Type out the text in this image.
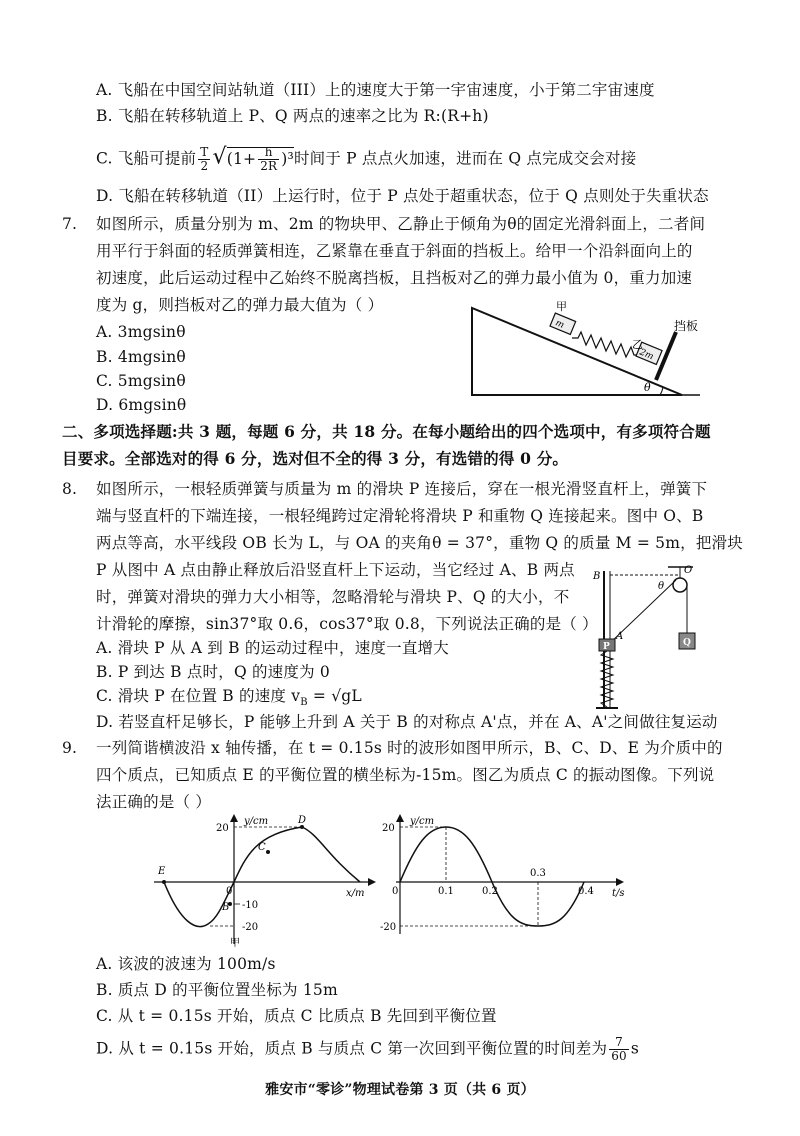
A. 飞船在中国空间站轨道（III）上的速度大于第一宇宙速度，小于第二宇宙速度
B. 飞船在转移轨道上 P、Q 两点的速率之比为 R:(R+h)
C. 飞船可提前 $\frac{T}{2} √(1+ \frac{h}{2R} )^3$时间于 P 点点火加速，进而在 Q 点完成交会对接
D. 飞船在转移轨道（II）上运行时，位于 P 点处于超重状态，位于 Q 点则处于失重状态
7. 如图所示，质量分别为 m、2m 的物块甲、乙静止于倾角为θ的固定光滑斜面上，二者间
用平行于斜面的轻质弹簧相连，乙紧靠在垂直于斜面的挡板上。给甲一个沿斜面向上的
初速度，此后运动过程中乙始终不脱离挡板，且挡板对乙的弹力最小值为 0，重力加速
度为 g，则挡板对乙的弹力最大值为（ ）
A. 3mgsinθ
B. 4mgsinθ
C. 5mgsinθ
D. 6mgsinθ
m
2m
甲
乙
挡板
θ
二、多项选择题:共 3 题，每题 6 分，共 18 分。在每小题给出的四个选项中，有多项符合题
目要求。全部选对的得 6 分，选对但不全的得 3 分，有选错的得 0 分。
8. 如图所示，一根轻质弹簧与质量为 m 的滑块 P 连接后，穿在一根光滑竖直杆上，弹簧下
端与竖直杆的下端连接，一根轻绳跨过定滑轮将滑块 P 和重物 Q 连接起来。图中 O、B
两点等高，水平线段 OB 长为 L，与 OA 的夹角θ = 37°，重物 Q 的质量 M = 5m，把滑块
P 从图中 A 点由静止释放后沿竖直杆上下运动，当它经过 A、B 两点
时，弹簧对滑块的弹力大小相等，忽略滑轮与滑块 P、Q 的大小，不
计滑轮的摩擦，sin37°取 0.6，cos37°取 0.8，下列说法正确的是（ ）
A. 滑块 P 从 A 到 B 的运动过程中，速度一直增大
B. P 到达 B 点时，Q 的速度为 0
C. 滑块 P 在位置 B 的速度 $v_B = √gL$
D. 若竖直杆足够长，P 能够上升到 A 关于 B 的对称点 A'点，并在 A、A'之间做往复运动
B
O
θ
A
P	Q
9. 一列简谐横波沿 x 轴传播，在 t = 0.15s 时的波形如图甲所示，B、C、D、E 为介质中的
四个质点，已知质点 E 的平衡位置的横坐标为-15m。图乙为质点 C 的振动图像。下列说
法正确的是（ ）
y/cm
x/m
20
-10
-20
0
E
B
C
D
甲
y/cm
t/s
20
-20
0	0.1	0.2
0.3
0.4
A. 该波的波速为 100m/s
B. 质点 D 的平衡位置坐标为 15m
C. 从 t = 0.15s 开始，质点 C 比质点 B 先回到平衡位置
D. 从 t = 0.15s 开始，质点 B 与质点 C 第一次回到平衡位置的时间差为 $\frac{7}{60}$ s
雅安市“零诊”物理试卷第 3 页（共 6 页）
